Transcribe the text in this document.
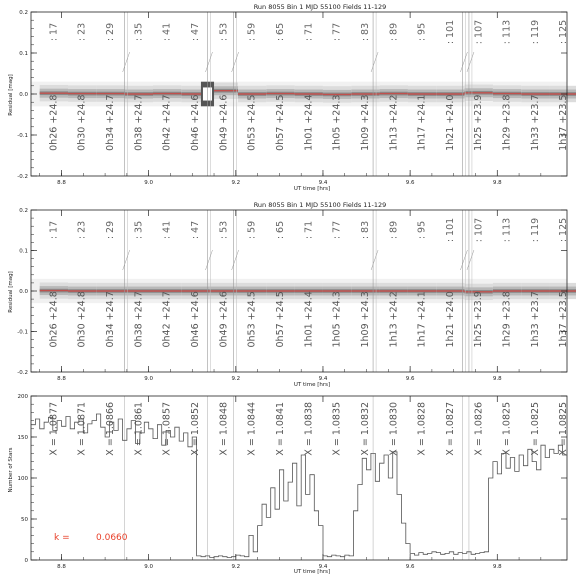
Run 8055 Bin 1 MJD 55100 Fields 11-129
: 17 : 23 : 29 : 35 : 41 : 47 : 53 : 59 : 65 : 71 : 77 : 83 : 89 : 95 : 101 : 107 : 113 : 119 : 125
0h26 +24.8 0h30 +24.8 0h34 +24.7 0h38 +24.7 0h42 +24.7 0h46 +24.6 0h49 +24.6 0h53 +24.5 0h57 +24.5 1h01 +24.4 1h05 +24.3 1h09 +24.3 1h13 +24.2 1h17 +24.1 1h21 +24.0 1h25 +23.9 1h29 +23.8 1h33 +23.7 1h37 +23.5
0.2
0.1
0.0
-0.1
-0.2
8.8	9.0	9.2	9.4	9.6	9.8
Residual [mag]
UT time [hrs]
Run 8055 Bin 1 MJD 55100 Fields 11-129
: 17 : 23 : 29 : 35 : 41 : 47 : 53 : 59 : 65 : 71 : 77 : 83 : 89 : 95 : 101 : 107 : 113 : 119 : 125
0h26 +24.8 0h30 +24.8 0h34 +24.7 0h38 +24.7 0h42 +24.7 0h46 +24.6 0h49 +24.6 0h53 +24.5 0h57 +24.5 1h01 +24.4 1h05 +24.3 1h09 +24.3 1h13 +24.2 1h17 +24.1 1h21 +24.0 1h25 +23.9 1h29 +23.8 1h33 +23.7 1h37 +23.5
0.2
0.1
0.0
-0.1
-0.2
8.8	9.0	9.2	9.4	9.6	9.8
Residual [mag]
UT time [hrs]
X = 1.0877 X = 1.0871 X = 1.0866 X = 1.0861 X = 1.0857 X = 1.0852 X = 1.0848 X = 1.0844 X = 1.0841 X = 1.0838 X = 1.0835 X = 1.0832 X = 1.0830 X = 1.0828 X = 1.0827 X = 1.0826 X = 1.0825 X = 1.0825 X = 1.0825
200
150
100
50
0
8.8	9.0	9.2	9.4	9.6	9.8
k =	0.0660
Number of Stars
UT time [hrs]
